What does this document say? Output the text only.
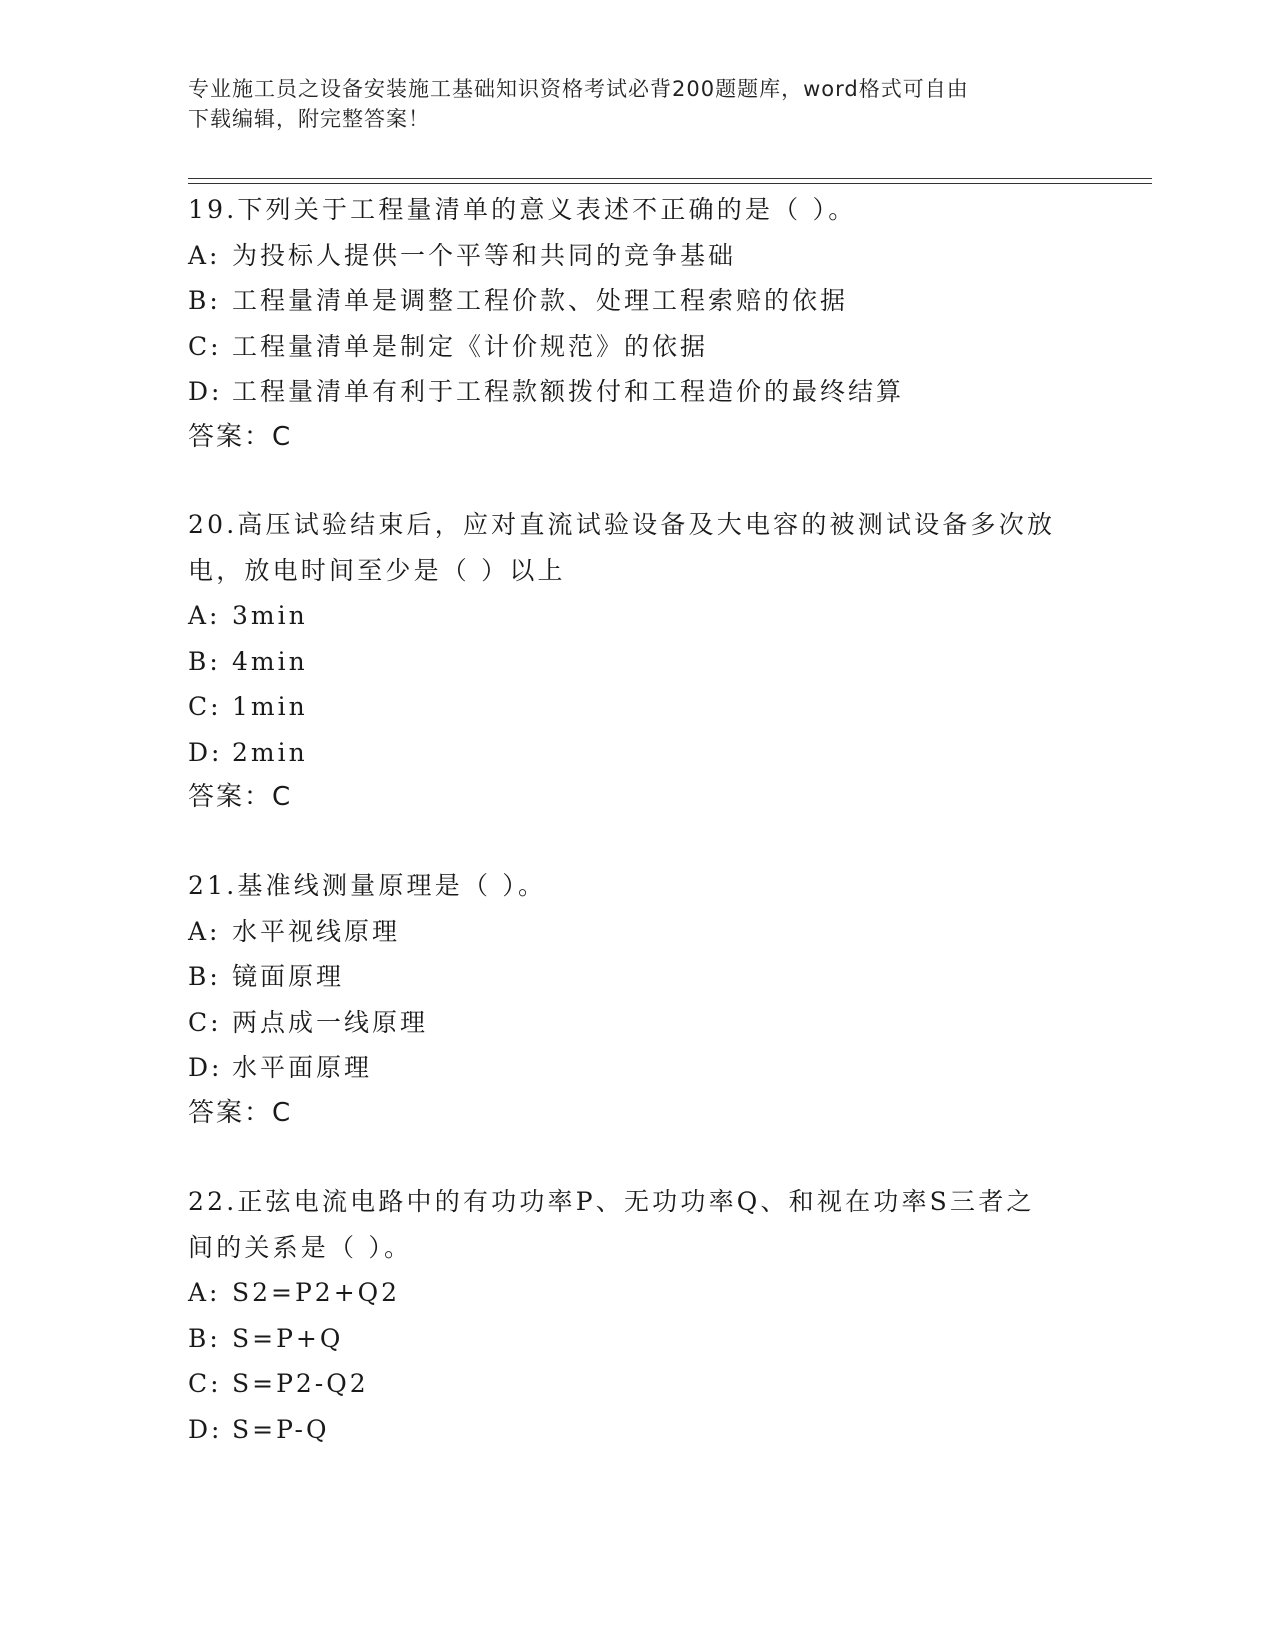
专业施工员之设备安装施工基础知识资格考试必背200题题库，word格式可自由
下载编辑，附完整答案！
19.下列关于工程量清单的意义表述不正确的是（ ）。
A: 为投标人提供一个平等和共同的竞争基础
B: 工程量清单是调整工程价款、处理工程索赔的依据
C: 工程量清单是制定《计价规范》的依据
D: 工程量清单有利于工程款额拨付和工程造价的最终结算
答案：C
20.高压试验结束后，应对直流试验设备及大电容的被测试设备多次放
电，放电时间至少是（ ）以上
A: 3min
B: 4min
C: 1min
D: 2min
答案：C
21.基准线测量原理是（ ）。
A: 水平视线原理
B: 镜面原理
C: 两点成一线原理
D: 水平面原理
答案：C
22.正弦电流电路中的有功功率P、无功功率Q、和视在功率S三者之
间的关系是（ ）。
A: S2=P2+Q2
B: S=P+Q
C: S=P2-Q2
D: S=P-Q
